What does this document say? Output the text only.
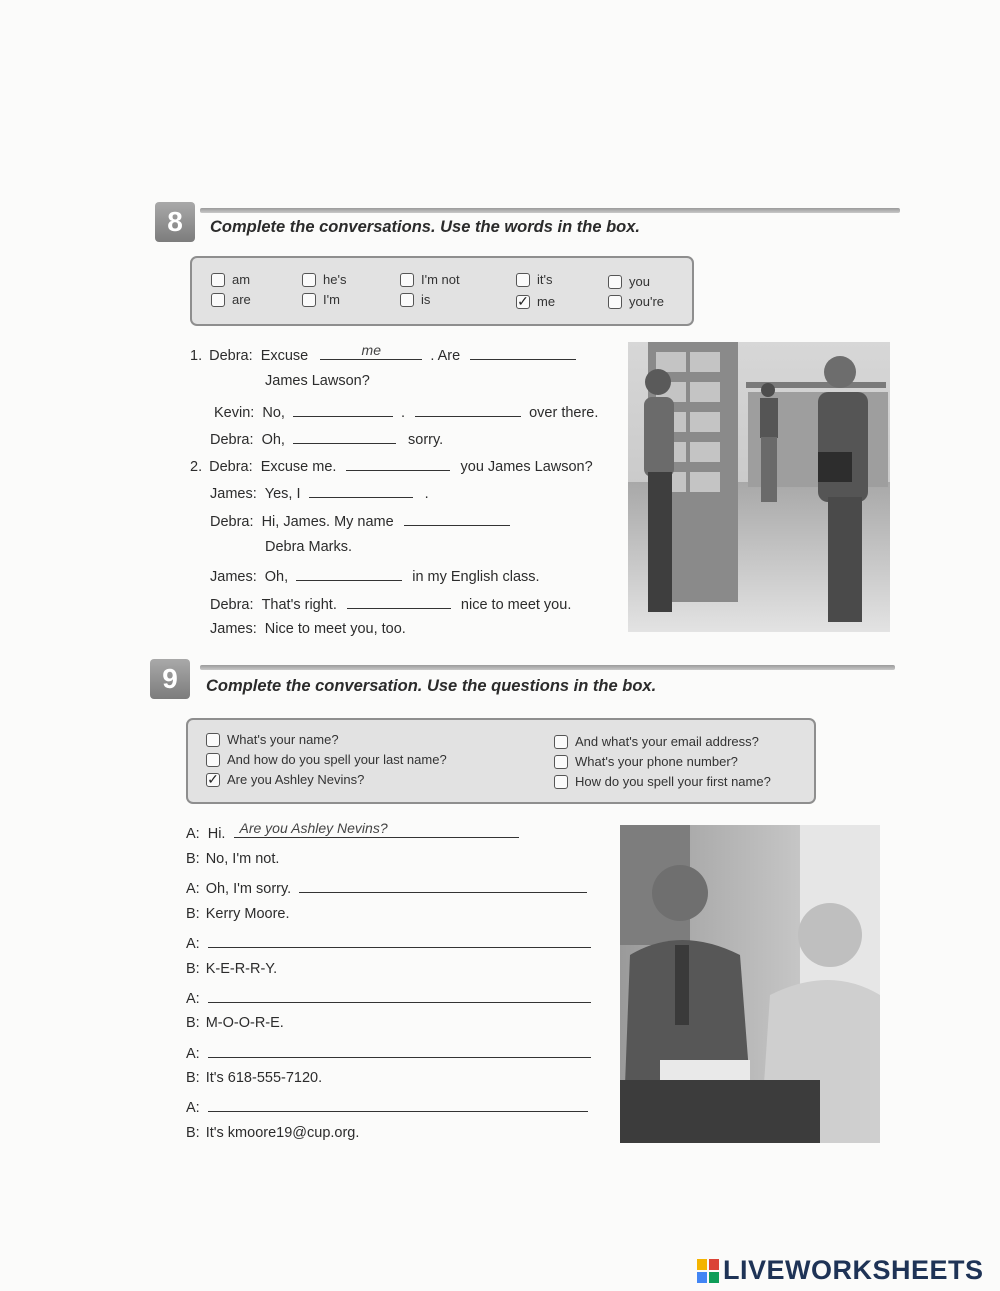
8	Complete the conversations. Use the words in the box.
am
are
he's
I'm
I'm not
is
it's
✓ me
you
you're
1. Debra: Excuse	me	. Are
James Lawson?
Kevin: No,	.	over there.
Debra: Oh,	sorry.
2. Debra: Excuse me.	you James Lawson?
James: Yes, I	.
Debra: Hi, James. My name
Debra Marks.
James: Oh,	in my English class.
Debra: That's right.	nice to meet you.
James: Nice to meet you, too.
9	Complete the conversation. Use the questions in the box.
What's your name?
And how do you spell your last name?
✓ Are you Ashley Nevins?
And what's your email address?
What's your phone number?
How do you spell your first name?
A: Hi. Are you Ashley Nevins?
B: No, I'm not.
A: Oh, I'm sorry.
B: Kerry Moore.
A:
B: K-E-R-R-Y.
A:
B: M-O-O-R-E.
A:
B: It's 618-555-7120.
A:
B: It's kmoore19@cup.org.
LIVEWORKSHEETS
